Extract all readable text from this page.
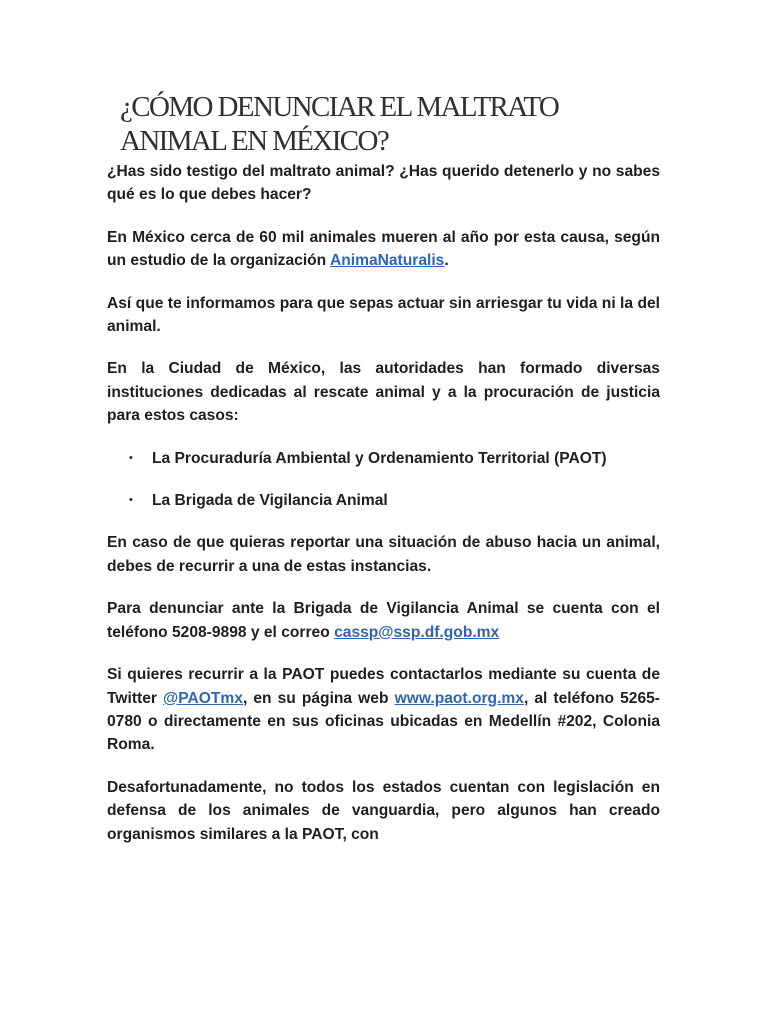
¿CÓMO DENUNCIAR EL MALTRATO
ANIMAL EN MÉXICO?

¿Has sido testigo del maltrato animal? ¿Has querido detenerlo y no sabes qué es lo que debes hacer?

En México cerca de 60 mil animales mueren al año por esta causa, según un estudio de la organización AnimaNaturalis.

Así que te informamos para que sepas actuar sin arriesgar tu vida ni la del animal.

En la Ciudad de México, las autoridades han formado diversas instituciones dedicadas al rescate animal y a la procuración de justicia para estos casos:

• La Procuraduría Ambiental y Ordenamiento Territorial (PAOT)
• La Brigada de Vigilancia Animal

En caso de que quieras reportar una situación de abuso hacia un animal, debes de recurrir a una de estas instancias.

Para denunciar ante la Brigada de Vigilancia Animal se cuenta con el teléfono 5208-9898 y el correo cassp@ssp.df.gob.mx

Si quieres recurrir a la PAOT puedes contactarlos mediante su cuenta de Twitter @PAOTmx, en su página web www.paot.org.mx, al teléfono 5265-0780 o directamente en sus oficinas ubicadas en Medellín #202, Colonia Roma.

Desafortunadamente, no todos los estados cuentan con legislación en defensa de los animales de vanguardia, pero algunos han creado organismos similares a la PAOT, con
